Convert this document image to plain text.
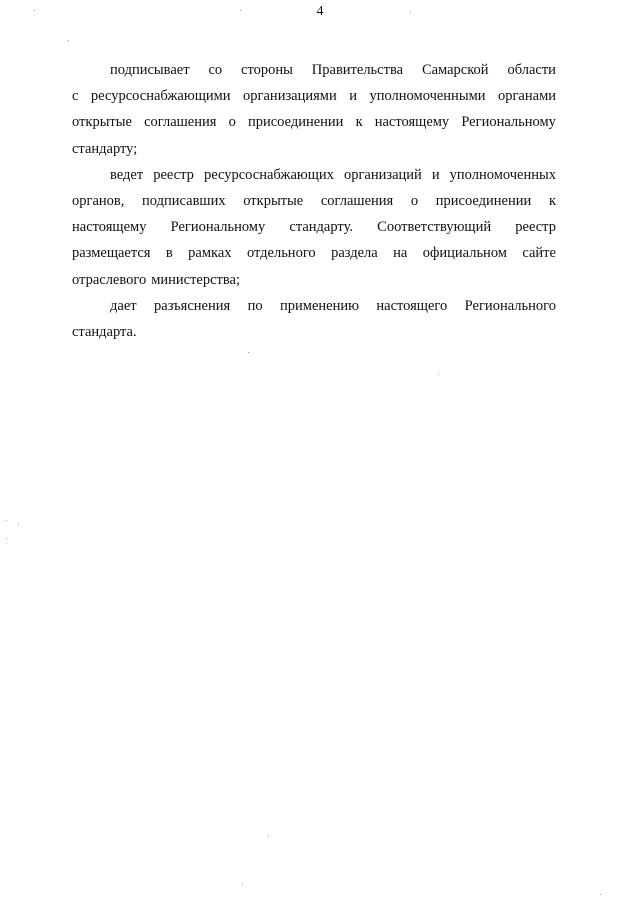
4
подписывает со стороны Правительства Самарской области
с ресурсоснабжающими организациями и уполномоченными органами
открытые соглашения о присоединении к настоящему Региональному
стандарту;
ведет реестр ресурсоснабжающих организаций и уполномоченных
органов, подписавших открытые соглашения о присоединении к
настоящему Региональному стандарту. Соответствующий реестр
размещается в рамках отдельного раздела на официальном сайте
отраслевого министерства;
дает разъяснения по применению настоящего Регионального
стандарта.
